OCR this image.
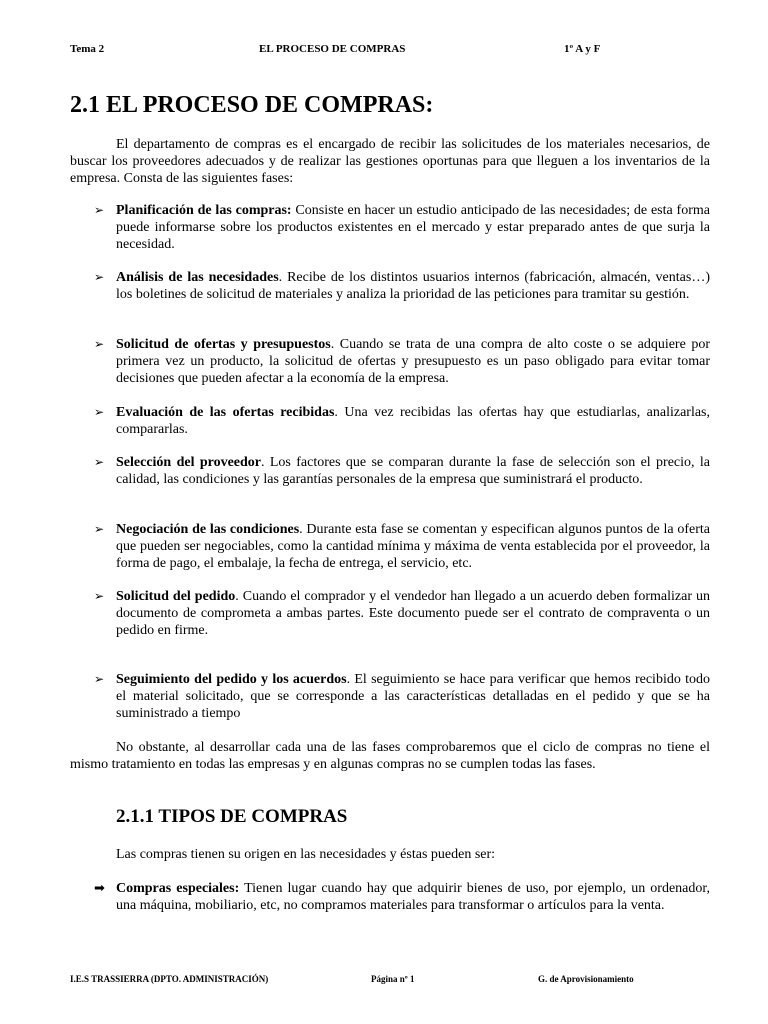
Tema 2	EL PROCESO DE COMPRAS	1º A y F
2.1 EL PROCESO DE COMPRAS:

El departamento de compras es el encargado de recibir las solicitudes de los materiales necesarios, de buscar los proveedores adecuados y de realizar las gestiones oportunas para que lleguen a los inventarios de la empresa. Consta de las siguientes fases:

➢ Planificación de las compras: Consiste en hacer un estudio anticipado de las necesidades; de esta forma puede informarse sobre los productos existentes en el mercado y estar preparado antes de que surja la necesidad.
➢ Análisis de las necesidades. Recibe de los distintos usuarios internos (fabricación, almacén, ventas…) los boletines de solicitud de materiales y analiza la prioridad de las peticiones para tramitar su gestión.
➢ Solicitud de ofertas y presupuestos. Cuando se trata de una compra de alto coste o se adquiere por primera vez un producto, la solicitud de ofertas y presupuesto es un paso obligado para evitar tomar decisiones que pueden afectar a la economía de la empresa.
➢ Evaluación de las ofertas recibidas. Una vez recibidas las ofertas hay que estudiarlas, analizarlas, compararlas.
➢ Selección del proveedor. Los factores que se comparan durante la fase de selección son el precio, la calidad, las condiciones y las garantías personales de la empresa que suministrará el producto.
➢ Negociación de las condiciones. Durante esta fase se comentan y especifican algunos puntos de la oferta que pueden ser negociables, como la cantidad mínima y máxima de venta establecida por el proveedor, la forma de pago, el embalaje, la fecha de entrega, el servicio, etc.
➢ Solicitud del pedido. Cuando el comprador y el vendedor han llegado a un acuerdo deben formalizar un documento de comprometa a ambas partes. Este documento puede ser el contrato de compraventa o un pedido en firme.
➢ Seguimiento del pedido y los acuerdos. El seguimiento se hace para verificar que hemos recibido todo el material solicitado, que se corresponde a las características detalladas en el pedido y que se ha suministrado a tiempo

No obstante, al desarrollar cada una de las fases comprobaremos que el ciclo de compras no tiene el mismo tratamiento en todas las empresas y en algunas compras no se cumplen todas las fases.

2.1.1 TIPOS DE COMPRAS
Las compras tienen su origen en las necesidades y éstas pueden ser:
➡ Compras especiales: Tienen lugar cuando hay que adquirir bienes de uso, por ejemplo, un ordenador, una máquina, mobiliario, etc, no compramos materiales para transformar o artículos para la venta.
I.E.S TRASSIERRA (DPTO. ADMINISTRACIÓN)	Página nº 1	G. de Aprovisionamiento
